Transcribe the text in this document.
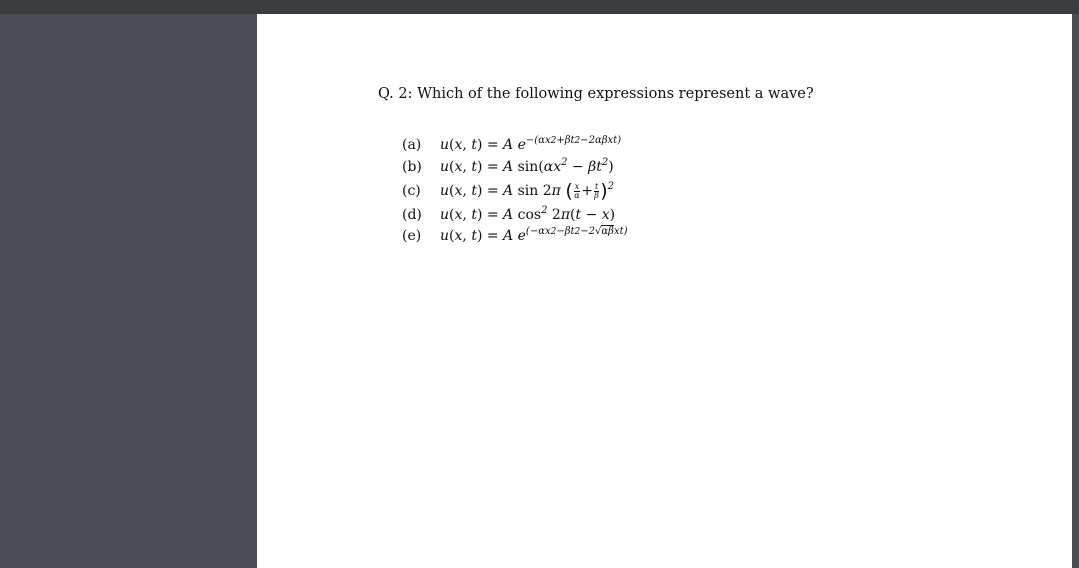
Q. 2: Which of the following expressions represent a wave?
(a)	u(x, t) = A $e^{-(\alpha x2+\beta t2-2\alpha\beta xt)}$
(b)	u(x, t) = A $\sin(\alpha x^2 - \beta t^2)$
(c)	u(x, t) = A sin 2π ( $\frac{x}{\alpha} + \frac{t}{\beta} )^2$
(d)	u(x, t) = A $\cos^2 2\pi(t - x)$
(e)	u(x, t) = A $e^{(-\alpha x2-\beta t2-2√\alpha\beta xt)}$
